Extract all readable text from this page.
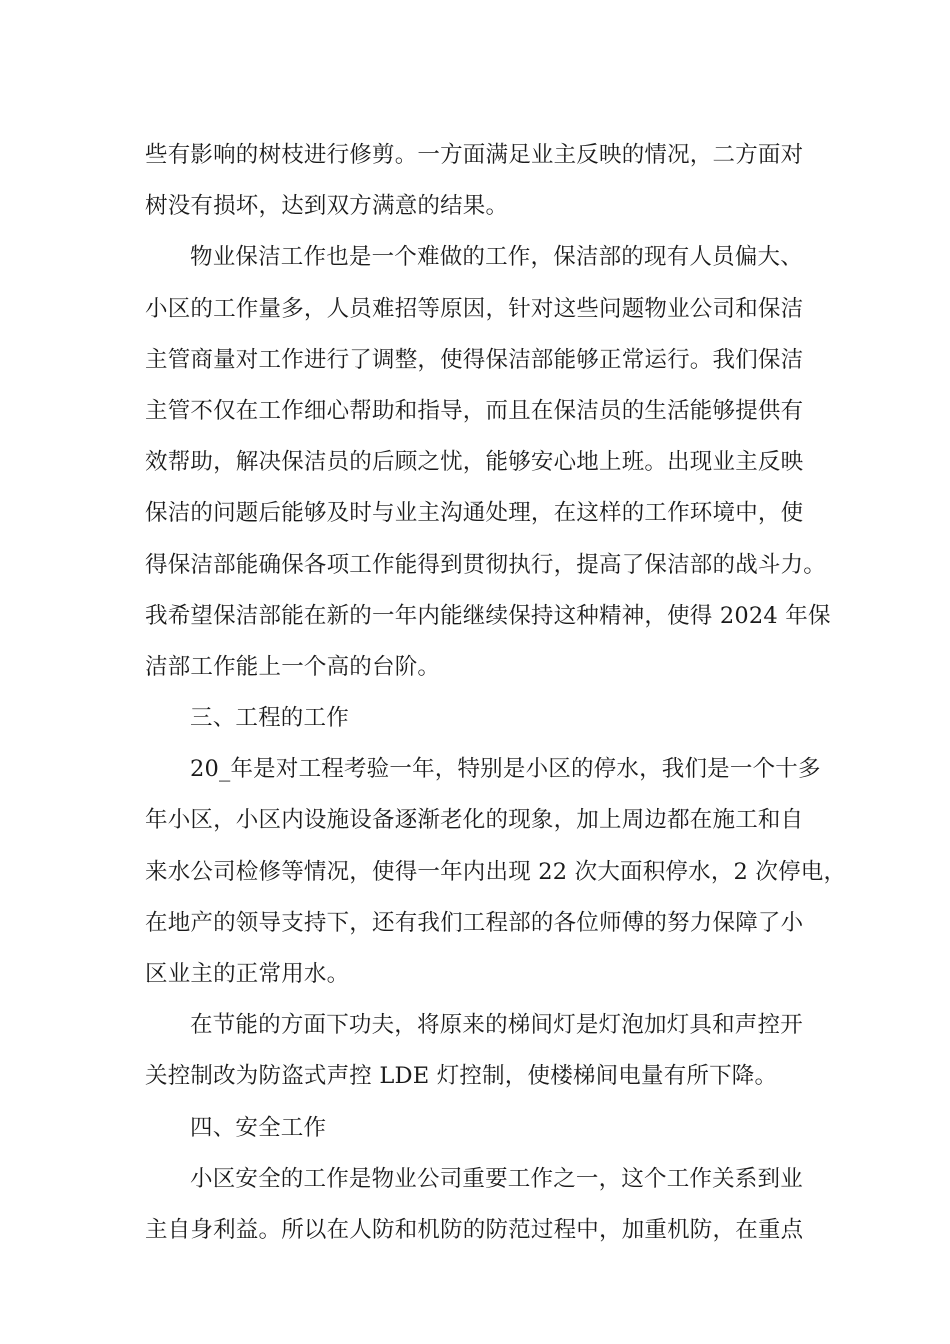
些有影响的树枝进行修剪。一方面满足业主反映的情况，二方面对
树没有损坏，达到双方满意的结果。
物业保洁工作也是一个难做的工作，保洁部的现有人员偏大、
小区的工作量多，人员难招等原因，针对这些问题物业公司和保洁
主管商量对工作进行了调整，使得保洁部能够正常运行。我们保洁
主管不仅在工作细心帮助和指导，而且在保洁员的生活能够提供有
效帮助，解决保洁员的后顾之忧，能够安心地上班。出现业主反映
保洁的问题后能够及时与业主沟通处理，在这样的工作环境中，使
得保洁部能确保各项工作能得到贯彻执行，提高了保洁部的战斗力。
我希望保洁部能在新的一年内能继续保持这种精神，使得 2024 年保
洁部工作能上一个高的台阶。
三、工程的工作
20_年是对工程考验一年，特别是小区的停水，我们是一个十多
年小区，小区内设施设备逐渐老化的现象，加上周边都在施工和自
来水公司检修等情况，使得一年内出现 22 次大面积停水，2 次停电，
在地产的领导支持下，还有我们工程部的各位师傅的努力保障了小
区业主的正常用水。
在节能的方面下功夫，将原来的梯间灯是灯泡加灯具和声控开
关控制改为防盗式声控 LDE 灯控制，使楼梯间电量有所下降。
四、安全工作
小区安全的工作是物业公司重要工作之一，这个工作关系到业
主自身利益。所以在人防和机防的防范过程中，加重机防，在重点
